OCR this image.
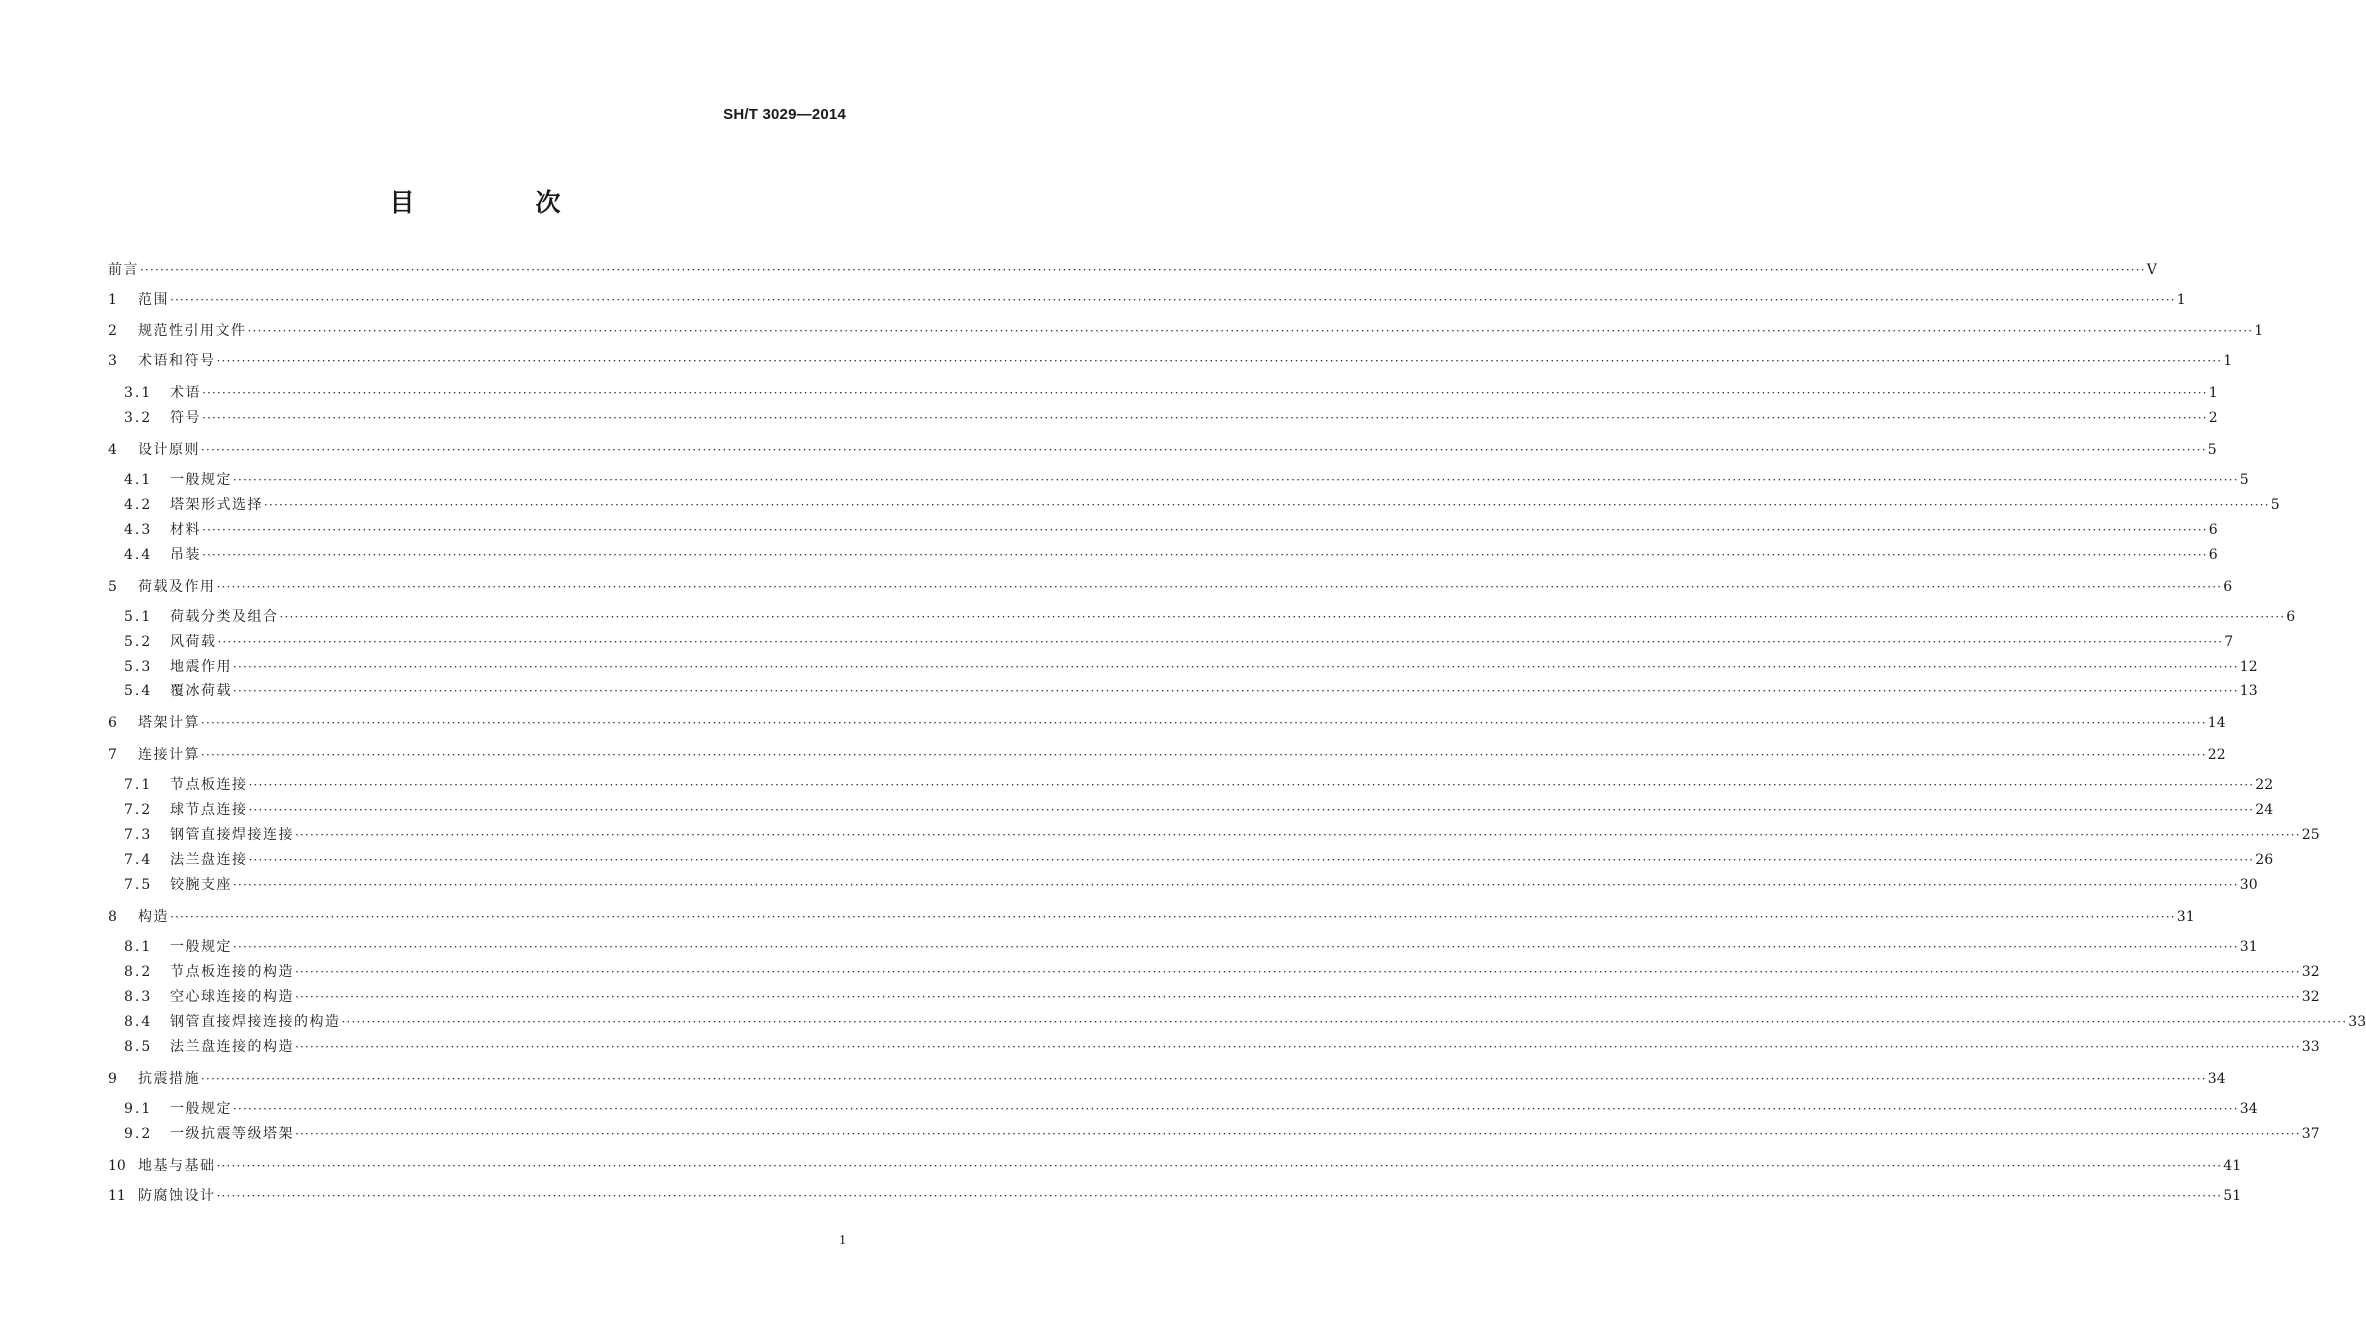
SH/T 3029—2014
目　次
前言 ················································································································································································································································································································································································································ V
1	范围 ················································································································································································································································································································································································································ 1
2	规范性引用文件 ················································································································································································································································································································································································································ 1
3	术语和符号 ················································································································································································································································································································································································································ 1
3.1	术语 ················································································································································································································································································································································································································ 1
3.2	符号 ················································································································································································································································································································································································································ 2
4	设计原则 ················································································································································································································································································································································································································ 5
4.1	一般规定 ················································································································································································································································································································································································································ 5
4.2	塔架形式选择 ················································································································································································································································································································································································································ 5
4.3	材料 ················································································································································································································································································································································································································ 6
4.4	吊装 ················································································································································································································································································································································································································ 6
5	荷载及作用 ················································································································································································································································································································································································································ 6
5.1	荷载分类及组合 ················································································································································································································································································································································································································ 6
5.2	风荷载 ················································································································································································································································································································································································································ 7
5.3	地震作用 ················································································································································································································································································································································································································ 12
5.4	覆冰荷载 ················································································································································································································································································································································································································ 13
6	塔架计算 ················································································································································································································································································································································································································ 14
7	连接计算 ················································································································································································································································································································································································································ 22
7.1	节点板连接 ················································································································································································································································································································································································································ 22
7.2	球节点连接 ················································································································································································································································································································································································································ 24
7.3	钢管直接焊接连接 ················································································································································································································································································································································································································ 25
7.4	法兰盘连接 ················································································································································································································································································································································································································ 26
7.5	铰腕支座 ················································································································································································································································································································································································································ 30
8	构造 ················································································································································································································································································································································································································ 31
8.1	一般规定 ················································································································································································································································································································································································································ 31
8.2	节点板连接的构造 ················································································································································································································································································································································································································ 32
8.3	空心球连接的构造 ················································································································································································································································································································································································································ 32
8.4	钢管直接焊接连接的构造 ················································································································································································································································································································································································································ 33
8.5	法兰盘连接的构造 ················································································································································································································································································································································································································ 33
9	抗震措施 ················································································································································································································································································································································································································ 34
9.1	一般规定 ················································································································································································································································································································································································································ 34
9.2	一级抗震等级塔架 ················································································································································································································································································································································································································ 37
10 地基与基础 ················································································································································································································································································································································································································ 41
11 防腐蚀设计 ················································································································································································································································································································································································································ 51
1
